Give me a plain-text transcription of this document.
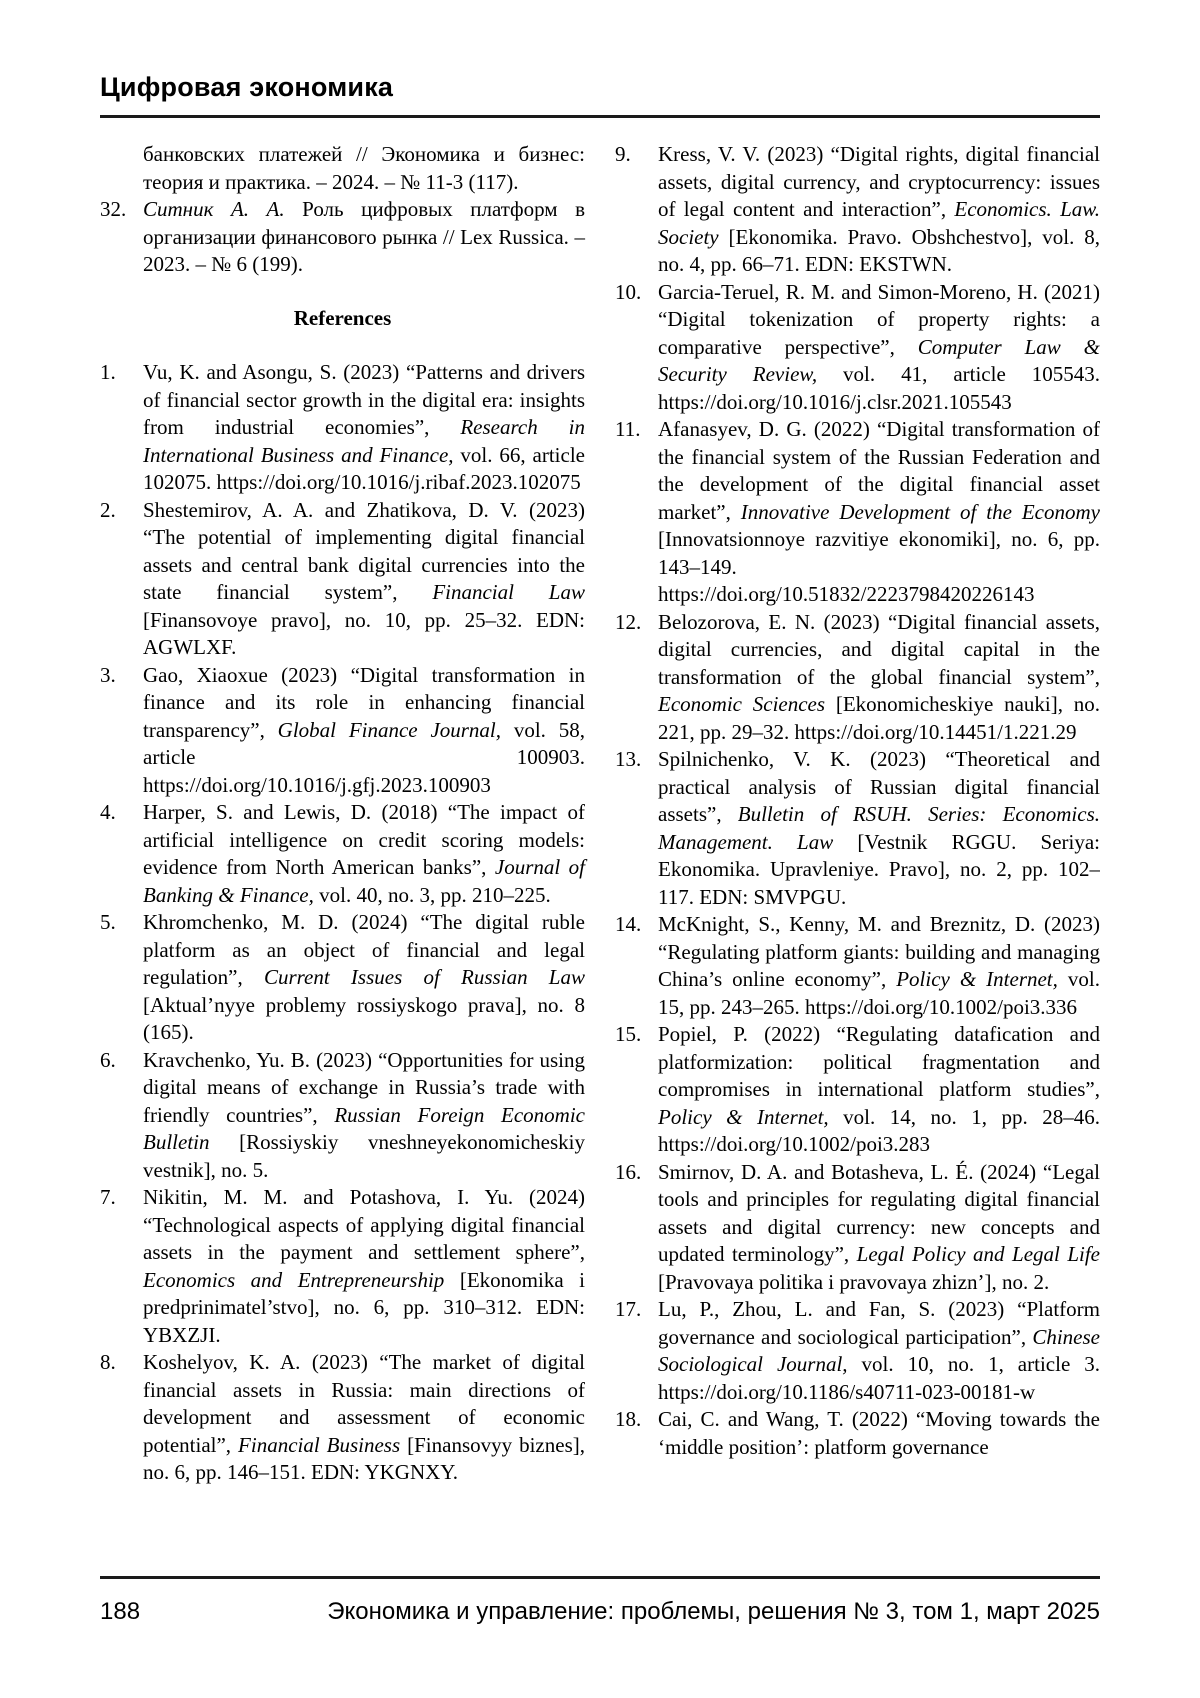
Цифровая экономика
банковских платежей // Экономика и бизнес: теория и практика. – 2024. – № 11-3 (117).
32. Ситник А. А. Роль цифровых платформ в организации финансового рынка // Lex Russica. – 2023. – № 6 (199).
References
1.	Vu, K. and Asongu, S. (2023) “Patterns and drivers of financial sector growth in the digital era: insights from industrial economies”, Research in International Business and Finance, vol. 66, article 102075. https://doi.org/10.1016/j.ribaf.2023.102075
2.	Shestemirov, A. A. and Zhatikova, D. V. (2023) “The potential of implementing digital financial assets and central bank digital currencies into the state financial system”, Financial Law [Finansovoye pravo], no. 10, pp. 25–32. EDN: AGWLXF.
3.	Gao, Xiaoxue (2023) “Digital transformation in finance and its role in enhancing financial transparency”, Global Finance Journal, vol. 58, article 100903. https://doi.org/10.1016/j.gfj.2023.100903
4.	Harper, S. and Lewis, D. (2018) “The impact of artificial intelligence on credit scoring models: evidence from North American banks”, Journal of Banking & Finance, vol. 40, no. 3, pp. 210–225.
5.	Khromchenko, M. D. (2024) “The digital ruble platform as an object of financial and legal regulation”, Current Issues of Russian Law [Aktual’nyye problemy rossiyskogo prava], no. 8 (165).
6.	Kravchenko, Yu. B. (2023) “Opportunities for using digital means of exchange in Russia’s trade with friendly countries”, Russian Foreign Economic Bulletin [Rossiyskiy vneshneyekonomicheskiy vestnik], no. 5.
7.	Nikitin, M. M. and Potashova, I. Yu. (2024) “Technological aspects of applying digital financial assets in the payment and settlement sphere”, Economics and Entrepreneurship [Ekonomika i predprinimatel’stvo], no. 6, pp. 310–312. EDN: YBXZJI.
8.	Koshelyov, K. A. (2023) “The market of digital financial assets in Russia: main directions of development and assessment of economic potential”, Financial Business [Finansovyy biznes], no. 6, pp. 146–151. EDN: YKGNXY.
9.	Kress, V. V. (2023) “Digital rights, digital financial assets, digital currency, and cryptocurrency: issues of legal content and interaction”, Economics. Law. Society [Ekonomika. Pravo. Obshchestvo], vol. 8, no. 4, pp. 66–71. EDN: EKSTWN.
10. Garcia-Teruel, R. M. and Simon-Moreno, H. (2021) “Digital tokenization of property rights: a comparative perspective”, Computer Law & Security Review, vol. 41, article 105543. https://doi.org/10.1016/j.clsr.2021.105543
11. Afanasyev, D. G. (2022) “Digital transformation of the financial system of the Russian Federation and the development of the digital financial asset market”, Innovative Development of the Economy [Innovatsionnoye razvitiye ekonomiki], no. 6, pp. 143–149. https://doi.org/10.51832/2223798420226143
12. Belozorova, E. N. (2023) “Digital financial assets, digital currencies, and digital capital in the transformation of the global financial system”, Economic Sciences [Ekonomicheskiye nauki], no. 221, pp. 29–32. https://doi.org/10.14451/1.221.29
13. Spilnichenko, V. K. (2023) “Theoretical and practical analysis of Russian digital financial assets”, Bulletin of RSUH. Series: Economics. Management. Law [Vestnik RGGU. Seriya: Ekonomika. Upravleniye. Pravo], no. 2, pp. 102–117. EDN: SMVPGU.
14. McKnight, S., Kenny, M. and Breznitz, D. (2023) “Regulating platform giants: building and managing China’s online economy”, Policy & Internet, vol. 15, pp. 243–265. https://doi.org/10.1002/poi3.336
15. Popiel, P. (2022) “Regulating datafication and platformization: political fragmentation and compromises in international platform studies”, Policy & Internet, vol. 14, no. 1, pp. 28–46. https://doi.org/10.1002/poi3.283
16. Smirnov, D. A. and Botasheva, L. É. (2024) “Legal tools and principles for regulating digital financial assets and digital currency: new concepts and updated terminology”, Legal Policy and Legal Life [Pravovaya politika i pravovaya zhizn’], no. 2.
17. Lu, P., Zhou, L. and Fan, S. (2023) “Platform governance and sociological participation”, Chinese Sociological Journal, vol. 10, no. 1, article 3. https://doi.org/10.1186/s40711-023-00181-w
18. Cai, C. and Wang, T. (2022) “Moving towards the ‘middle position’: platform governance
188	Экономика и управление: проблемы, решения № 3, том 1, март 2025
